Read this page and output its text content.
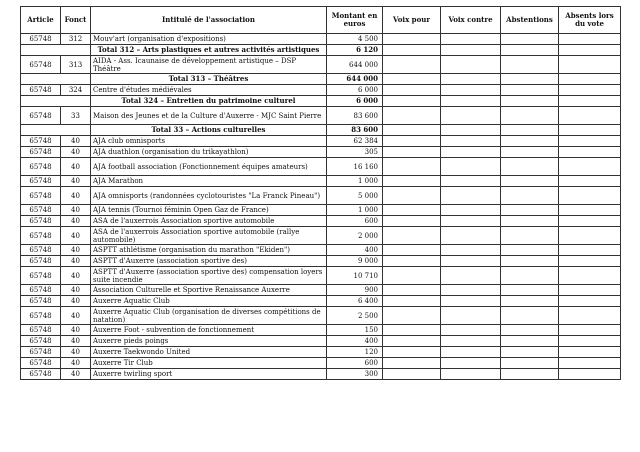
Article	Fonct	Intitulé de l'association	Montant en euros	Voix pour	Voix contre	Abstentions	Absents lors du vote
65748	312	Mouv'art (organisation d'expositions)	4 500				
		Total 312 – Arts plastiques et autres activités artistiques	6 120				
65748	313	AIDA - Ass. Icaunaise de développement artistique – DSP Théâtre	644 000				
		Total 313 – Théâtres	644 000				
65748	324	Centre d'études médiévales	6 000				
		Total 324 – Entretien du patrimoine culturel	6 000				
65748	33	Maison des Jeunes et de la Culture d'Auxerre - MJC Saint Pierre	83 600				
		Total 33 – Actions culturelles	83 600				
65748	40	AJA club omnisports	62 384				
65748	40	AJA duathlon (organisation du trikayathlon)	305				
65748	40	AJA football association (Fonctionnement équipes amateurs)	16 160				
65748	40	AJA Marathon	1 000				
65748	40	AJA omnisports (randonnées cyclotouristes "La Franck Pineau")	5 000				
65748	40	AJA tennis (Tournoi féminin Open Gaz de France)	1 000				
65748	40	ASA de l'auxerrois Association sportive automobile	600				
65748	40	ASA de l'auxerrois Association sportive automobile (rallye automobile)	2 000				
65748	40	ASPTT athlétisme (organisation du marathon "Ekiden")	400				
65748	40	ASPTT d'Auxerre (association sportive des)	9 000				
65748	40	ASPTT d'Auxerre (association sportive des) compensation loyers suite incendie	10 710				
65748	40	Association Culturelle et Sportive Renaissance Auxerre	900				
65748	40	Auxerre Aquatic Club	6 400				
65748	40	Auxerre Aquatic Club (organisation de diverses compétitions de natation)	2 500				
65748	40	Auxerre Foot - subvention de fonctionnement	150				
65748	40	Auxerre pieds poings	400				
65748	40	Auxerre Taekwondo United	120				
65748	40	Auxerre Tir Club	600				
65748	40	Auxerre twirling sport	300				
